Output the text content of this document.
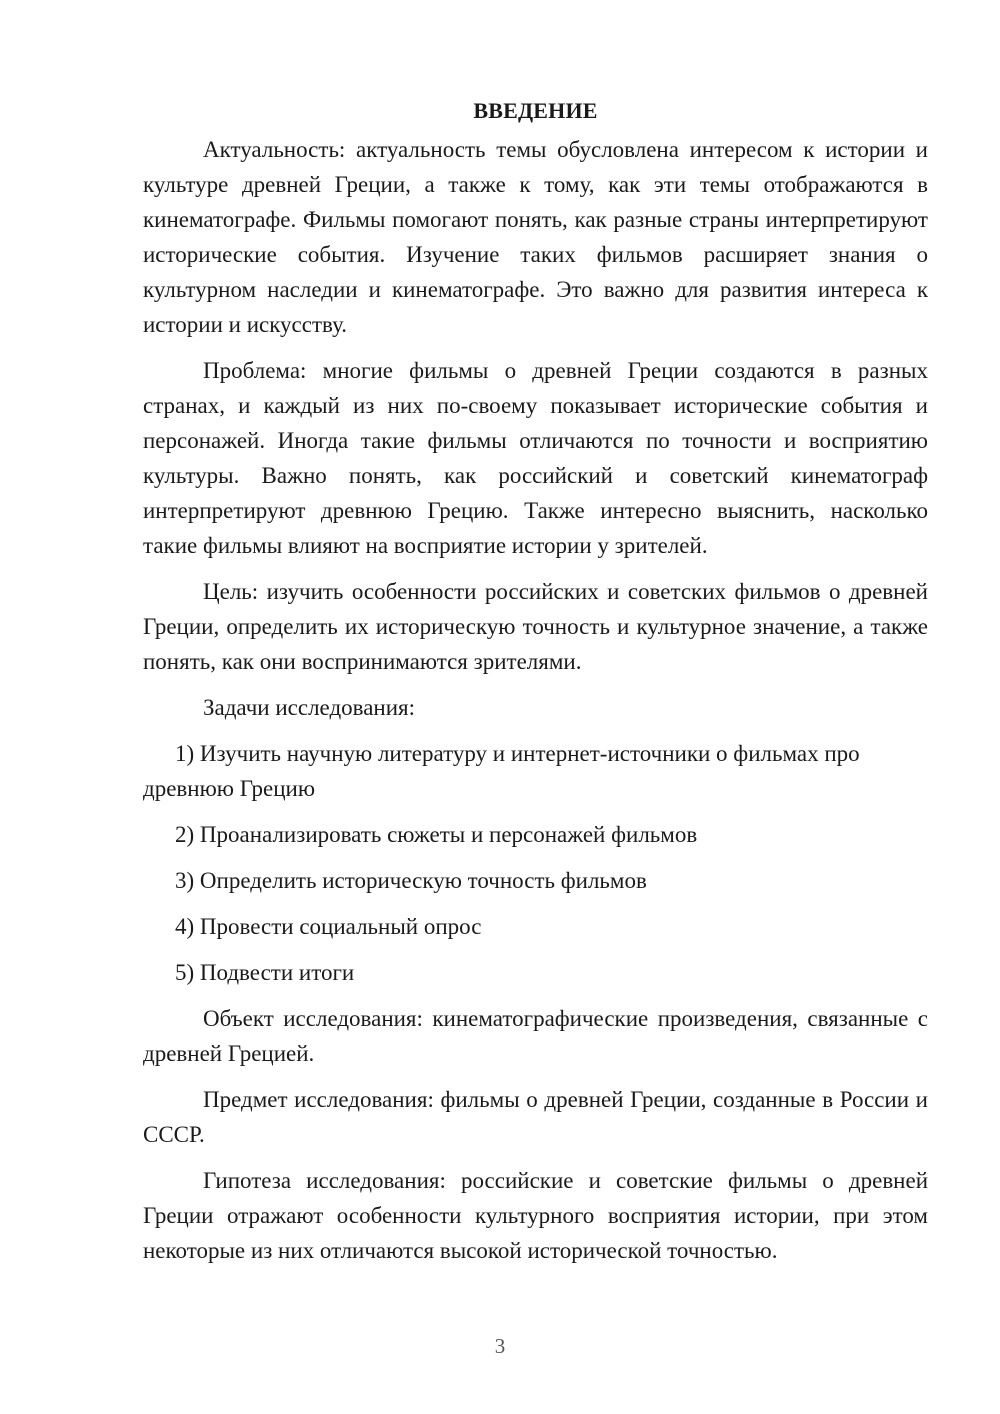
ВВЕДЕНИЕ

Актуальность: актуальность темы обусловлена интересом к истории и культуре древней Греции, а также к тому, как эти темы отображаются в кинематографе. Фильмы помогают понять, как разные страны интерпретируют исторические события. Изучение таких фильмов расширяет знания о культурном наследии и кинематографе. Это важно для развития интереса к истории и искусству.

Проблема: многие фильмы о древней Греции создаются в разных странах, и каждый из них по-своему показывает исторические события и персонажей. Иногда такие фильмы отличаются по точности и восприятию культуры. Важно понять, как российский и советский кинематограф интерпретируют древнюю Грецию. Также интересно выяснить, насколько такие фильмы влияют на восприятие истории у зрителей.

Цель: изучить особенности российских и советских фильмов о древней Греции, определить их историческую точность и культурное значение, а также понять, как они воспринимаются зрителями.

Задачи исследования:

1) Изучить научную литературу и интернет-источники о фильмах про древнюю Грецию

2) Проанализировать сюжеты и персонажей фильмов

3) Определить историческую точность фильмов

4) Провести социальный опрос

5) Подвести итоги

Объект исследования: кинематографические произведения, связанные с древней Грецией.

Предмет исследования: фильмы о древней Греции, созданные в России и СССР.

Гипотеза исследования: российские и советские фильмы о древней Греции отражают особенности культурного восприятия истории, при этом некоторые из них отличаются высокой исторической точностью.

3
